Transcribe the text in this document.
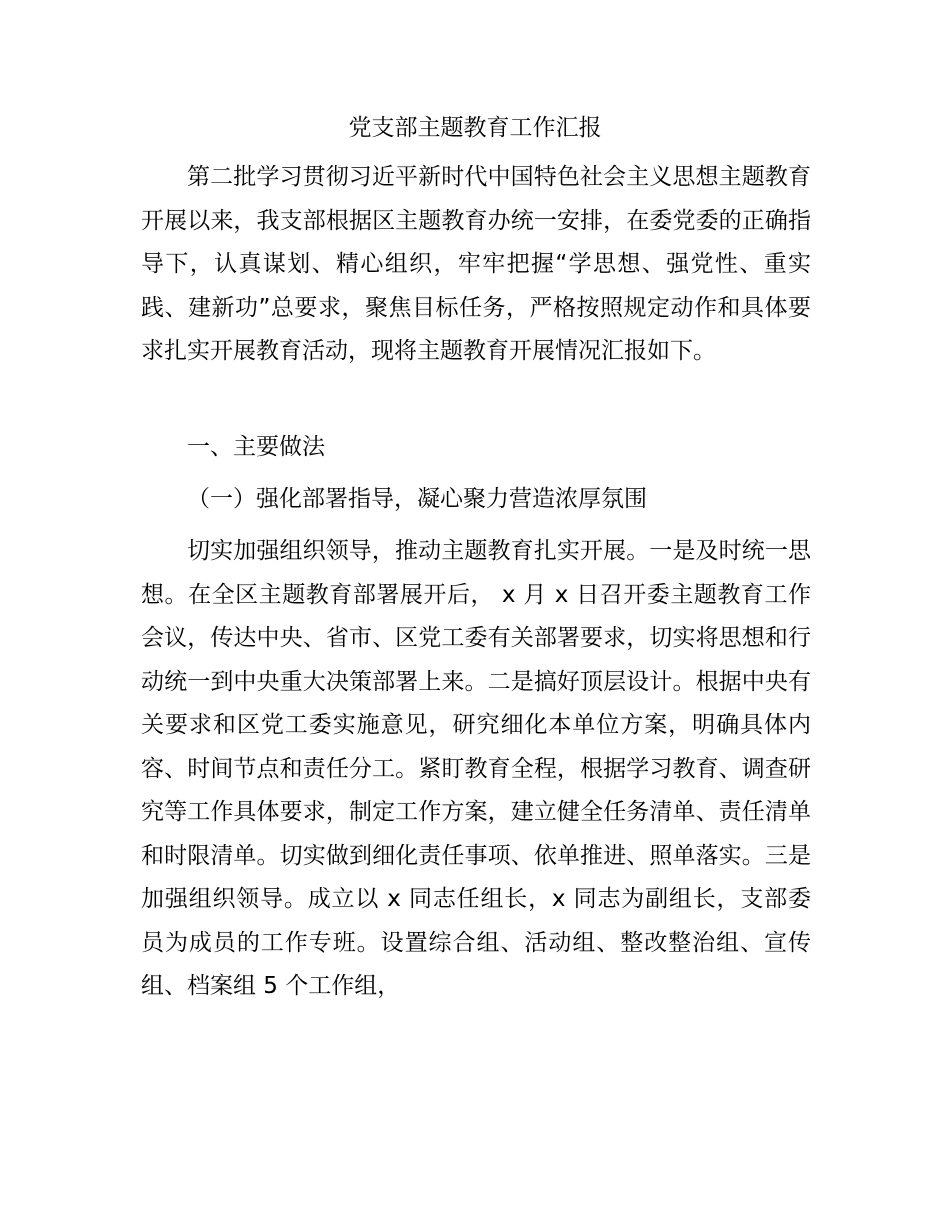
党支部主题教育工作汇报

第二批学习贯彻习近平新时代中国特色社会主义思想主题教育开展以来，我支部根据区主题教育办统一安排，在委党委的正确指导下，认真谋划、精心组织，牢牢把握“学思想、强党性、重实践、建新功”总要求，聚焦目标任务，严格按照规定动作和具体要求扎实开展教育活动，现将主题教育开展情况汇报如下。

一、主要做法

（一）强化部署指导，凝心聚力营造浓厚氛围

切实加强组织领导，推动主题教育扎实开展。一是及时统一思想。在全区主题教育部署展开后， x 月 x 日召开委主题教育工作会议，传达中央、省市、区党工委有关部署要求，切实将思想和行动统一到中央重大决策部署上来。二是搞好顶层设计。根据中央有关要求和区党工委实施意见，研究细化本单位方案，明确具体内容、时间节点和责任分工。紧盯教育全程，根据学习教育、调查研究等工作具体要求，制定工作方案，建立健全任务清单、责任清单和时限清单。切实做到细化责任事项、依单推进、照单落实。三是加强组织领导。成立以 x 同志任组长，x 同志为副组长，支部委员为成员的工作专班。设置综合组、活动组、整改整治组、宣传组、档案组 5 个工作组，
